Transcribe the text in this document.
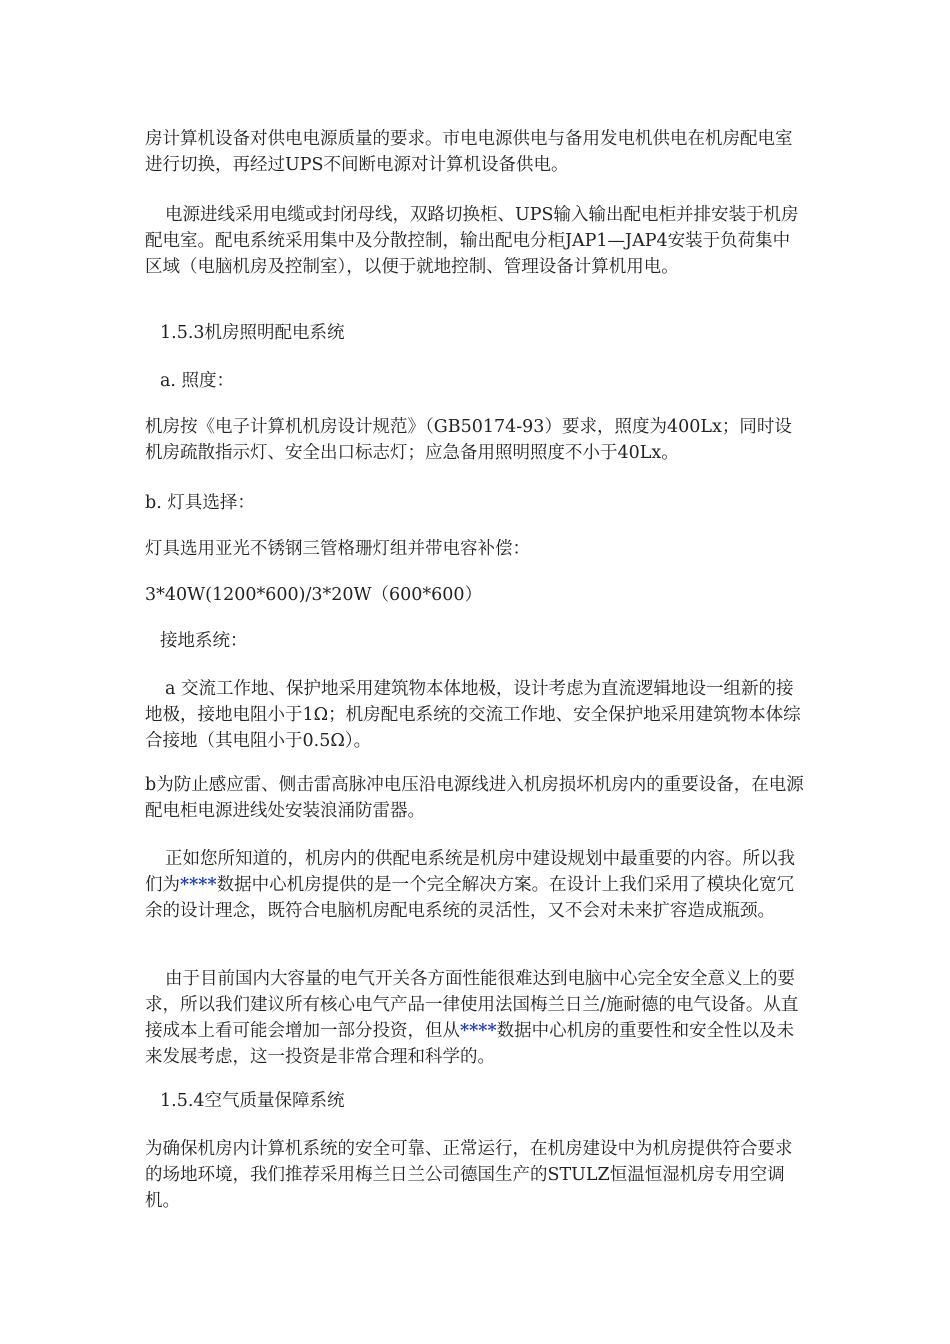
房计算机设备对供电电源质量的要求。市电电源供电与备用发电机供电在机房配电室进行切换，再经过UPS不间断电源对计算机设备供电。

电源进线采用电缆或封闭母线，双路切换柜、UPS输入输出配电柜并排安装于机房配电室。配电系统采用集中及分散控制，输出配电分柜JAP1—JAP4安装于负荷集中区域（电脑机房及控制室），以便于就地控制、管理设备计算机用电。

1.5.3机房照明配电系统

a. 照度：

机房按《电子计算机机房设计规范》（GB50174-93）要求，照度为400Lx；同时设机房疏散指示灯、安全出口标志灯；应急备用照明照度不小于40Lx。

b. 灯具选择：

灯具选用亚光不锈钢三管格珊灯组并带电容补偿：

3*40W(1200*600)/3*20W（600*600）

接地系统：

a 交流工作地、保护地采用建筑物本体地极，设计考虑为直流逻辑地设一组新的接地极，接地电阻小于1Ω；机房配电系统的交流工作地、安全保护地采用建筑物本体综合接地（其电阻小于0.5Ω）。

b为防止感应雷、侧击雷高脉冲电压沿电源线进入机房损坏机房内的重要设备，在电源配电柜电源进线处安装浪涌防雷器。

正如您所知道的，机房内的供配电系统是机房中建设规划中最重要的内容。所以我们为****数据中心机房提供的是一个完全解决方案。在设计上我们采用了模块化宽冗余的设计理念，既符合电脑机房配电系统的灵活性，又不会对未来扩容造成瓶颈。

由于目前国内大容量的电气开关各方面性能很难达到电脑中心完全安全意义上的要求，所以我们建议所有核心电气产品一律使用法国梅兰日兰/施耐德的电气设备。从直接成本上看可能会增加一部分投资，但从****数据中心机房的重要性和安全性以及未来发展考虑，这一投资是非常合理和科学的。

1.5.4空气质量保障系统

为确保机房内计算机系统的安全可靠、正常运行，在机房建设中为机房提供符合要求的场地环境，我们推荐采用梅兰日兰公司德国生产的STULZ恒温恒湿机房专用空调机。
